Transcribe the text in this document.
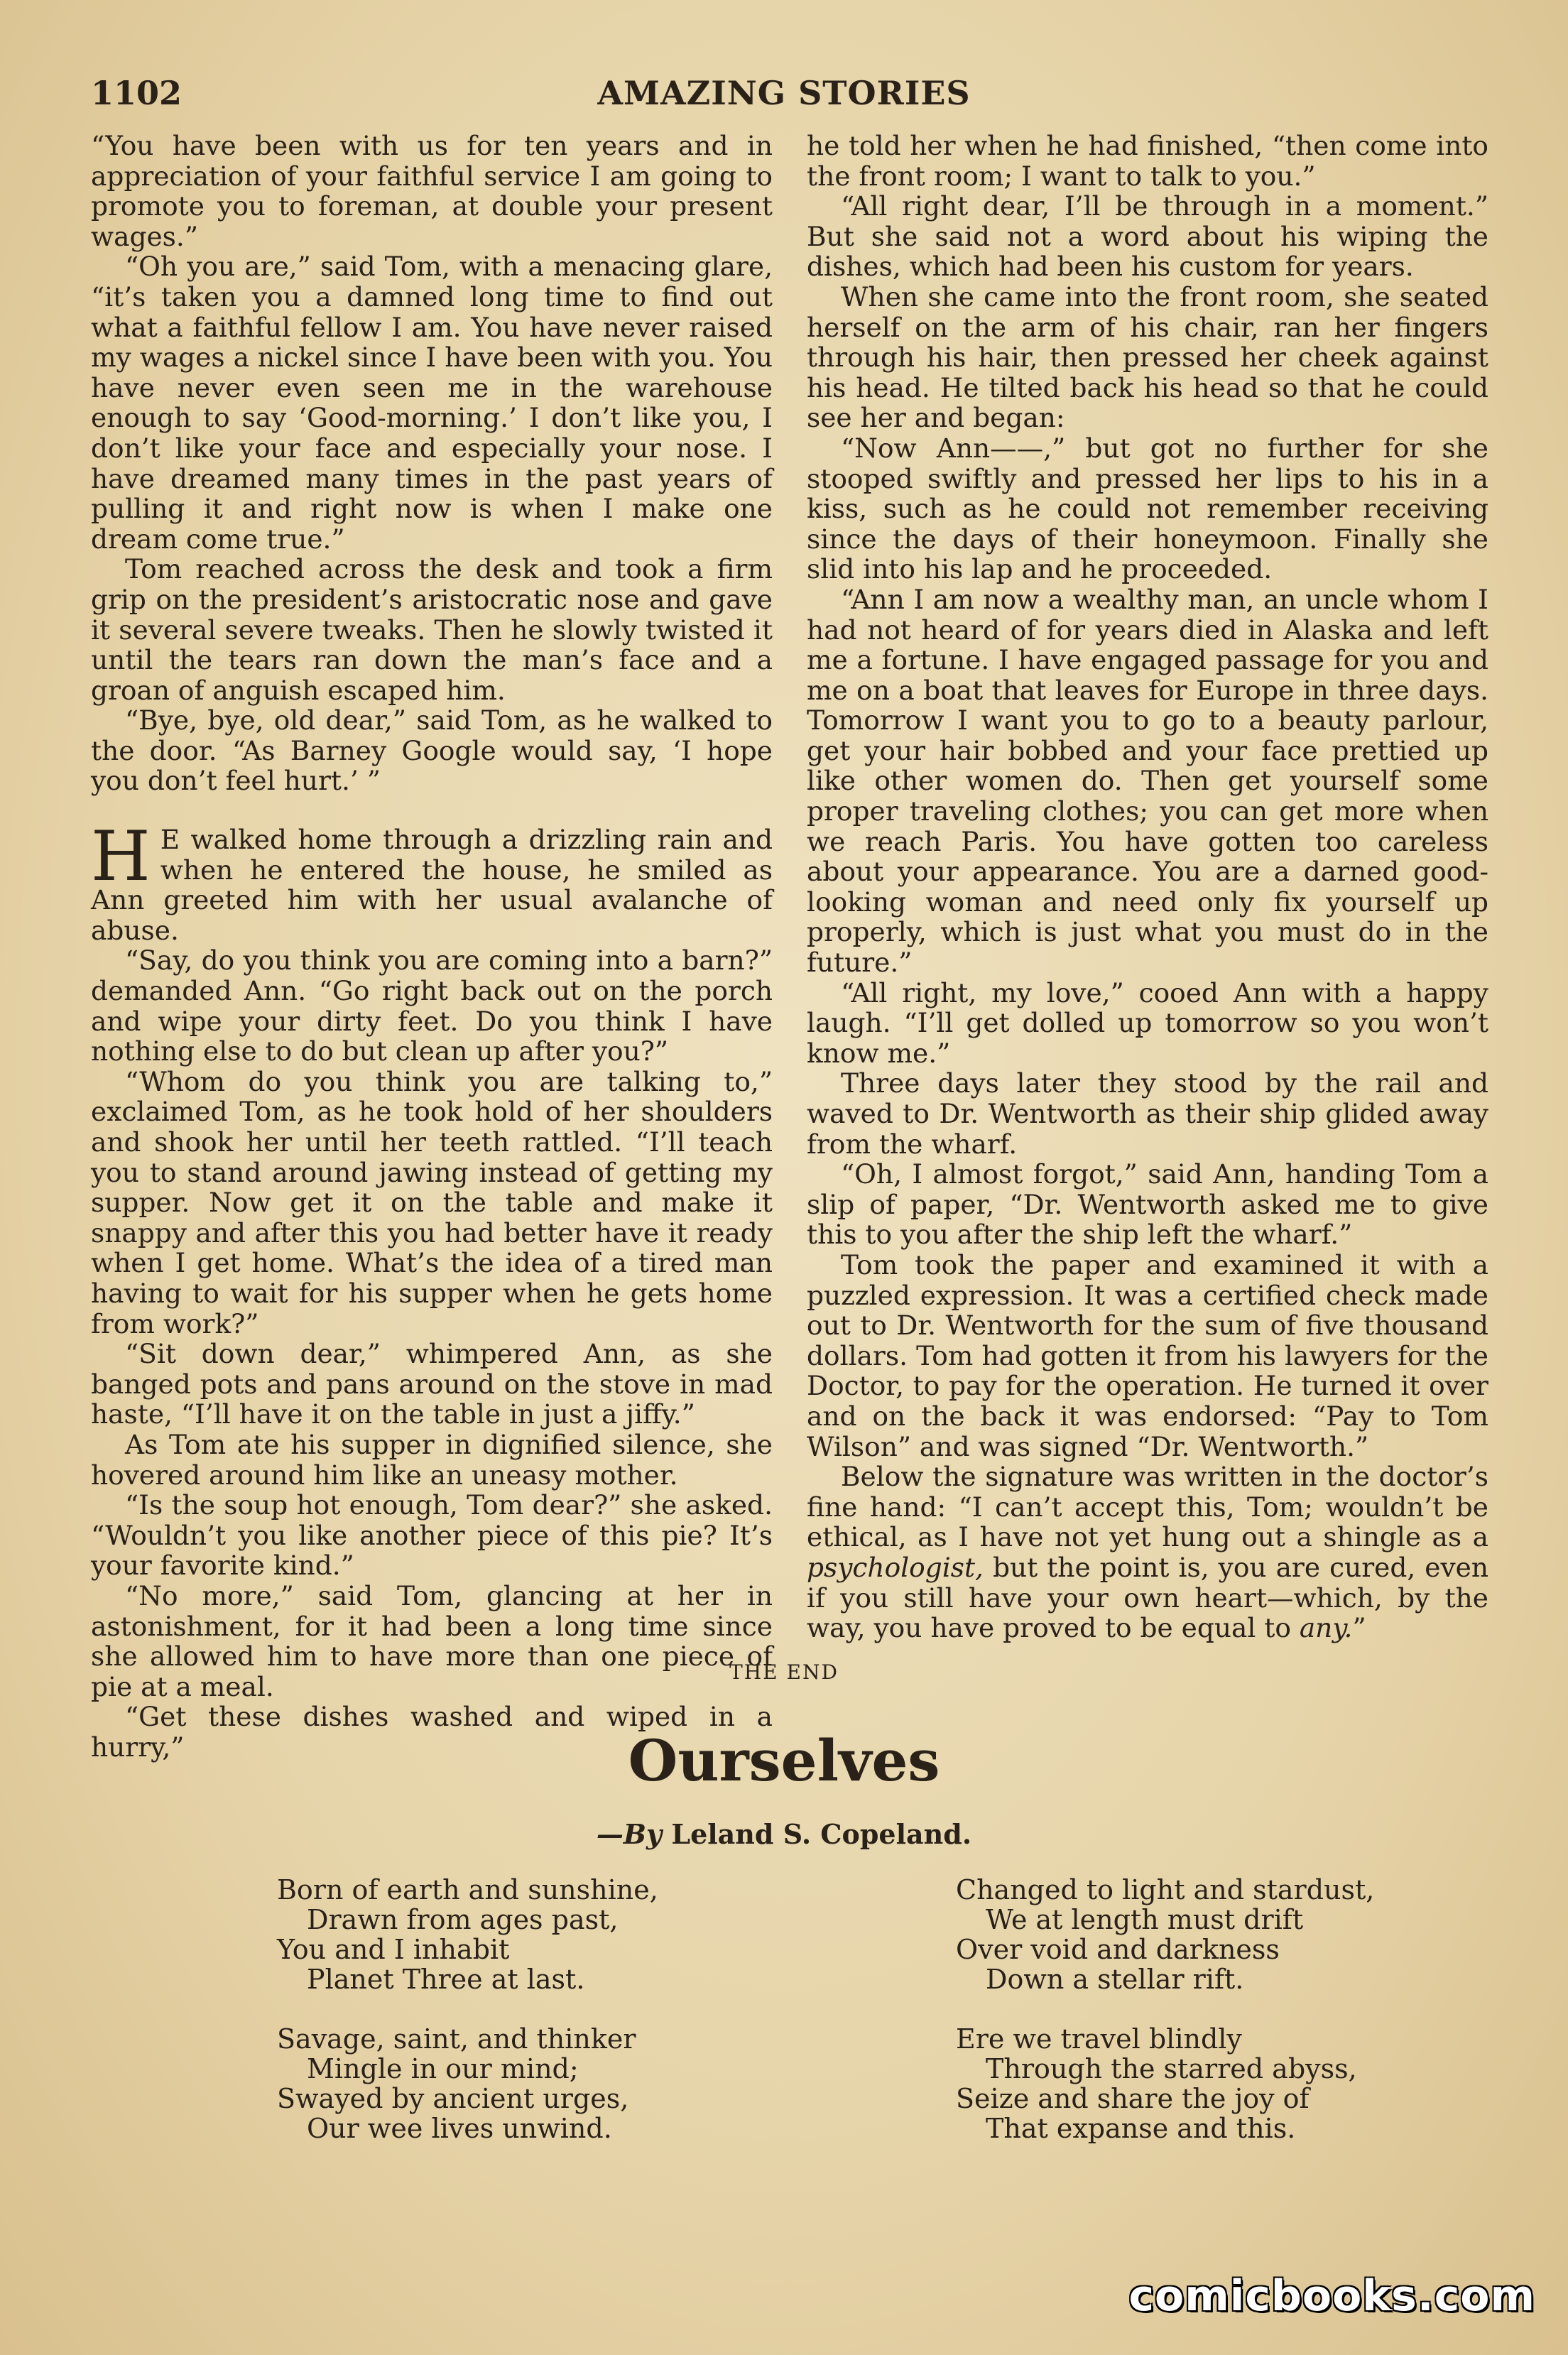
1102	AMAZING STORIES

“You have been with us for ten years and in appreciation of your faithful service I am going to promote you to foreman, at double your present wages.”

“Oh you are,” said Tom, with a menacing glare, “it’s taken you a damned long time to find out what a faithful fellow I am. You have never raised my wages a nickel since I have been with you. You have never even seen me in the warehouse enough to say ‘Good-morning.’ I don’t like you, I don’t like your face and especially your nose. I have dreamed many times in the past years of pulling it and right now is when I make one dream come true.”

Tom reached across the desk and took a firm grip on the president’s aristocratic nose and gave it several severe tweaks. Then he slowly twisted it until the tears ran down the man’s face and a groan of anguish escaped him.

“Bye, bye, old dear,” said Tom, as he walked to the door. “As Barney Google would say, ‘I hope you don’t feel hurt.’ ”

H E walked home through a drizzling rain and when he entered the house, he smiled as Ann greeted him with her usual avalanche of abuse.

“Say, do you think you are coming into a barn?” demanded Ann. “Go right back out on the porch and wipe your dirty feet. Do you think I have nothing else to do but clean up after you?”

“Whom do you think you are talking to,” exclaimed Tom, as he took hold of her shoulders and shook her until her teeth rattled. “I’ll teach you to stand around jawing instead of getting my supper. Now get it on the table and make it snappy and after this you had better have it ready when I get home. What’s the idea of a tired man having to wait for his supper when he gets home from work?”

“Sit down dear,” whimpered Ann, as she banged pots and pans around on the stove in mad haste, “I’ll have it on the table in just a jiffy.”

As Tom ate his supper in dignified silence, she hovered around him like an uneasy mother.

“Is the soup hot enough, Tom dear?” she asked. “Wouldn’t you like another piece of this pie? It’s your favorite kind.”

“No more,” said Tom, glancing at her in astonishment, for it had been a long time since she allowed him to have more than one piece of pie at a meal.

“Get these dishes washed and wiped in a hurry,”

he told her when he had finished, “then come into the front room; I want to talk to you.”

“All right dear, I’ll be through in a moment.” But she said not a word about his wiping the dishes, which had been his custom for years.

When she came into the front room, she seated herself on the arm of his chair, ran her fingers through his hair, then pressed her cheek against his head. He tilted back his head so that he could see her and began:

“Now Ann——,” but got no further for she stooped swiftly and pressed her lips to his in a kiss, such as he could not remember receiving since the days of their honeymoon. Finally she slid into his lap and he proceeded.

“Ann I am now a wealthy man, an uncle whom I had not heard of for years died in Alaska and left me a fortune. I have engaged passage for you and me on a boat that leaves for Europe in three days. Tomorrow I want you to go to a beauty parlour, get your hair bobbed and your face prettied up like other women do. Then get yourself some proper traveling clothes; you can get more when we reach Paris. You have gotten too careless about your appearance. You are a darned good-looking woman and need only fix yourself up properly, which is just what you must do in the future.”

“All right, my love,” cooed Ann with a happy laugh. “I’ll get dolled up tomorrow so you won’t know me.”

Three days later they stood by the rail and waved to Dr. Wentworth as their ship glided away from the wharf.

“Oh, I almost forgot,” said Ann, handing Tom a slip of paper, “Dr. Wentworth asked me to give this to you after the ship left the wharf.”

Tom took the paper and examined it with a puzzled expression. It was a certified check made out to Dr. Wentworth for the sum of five thousand dollars. Tom had gotten it from his lawyers for the Doctor, to pay for the operation. He turned it over and on the back it was endorsed: “Pay to Tom Wilson” and was signed “Dr. Wentworth.”

Below the signature was written in the doctor’s fine hand: “I can’t accept this, Tom; wouldn’t be ethical, as I have not yet hung out a shingle as a psychologist, but the point is, you are cured, even if you still have your own heart—which, by the way, you have proved to be equal to any.”

THE END
Ourselves
—By Leland S. Copeland.
Born of earth and sunshine,
Drawn from ages past,
You and I inhabit
Planet Three at last.
Savage, saint, and thinker
Mingle in our mind;
Swayed by ancient urges,
Our wee lives unwind.
Changed to light and stardust,
We at length must drift
Over void and darkness
Down a stellar rift.
Ere we travel blindly
Through the starred abyss,
Seize and share the joy of
That expanse and this.
comicbooks.com
